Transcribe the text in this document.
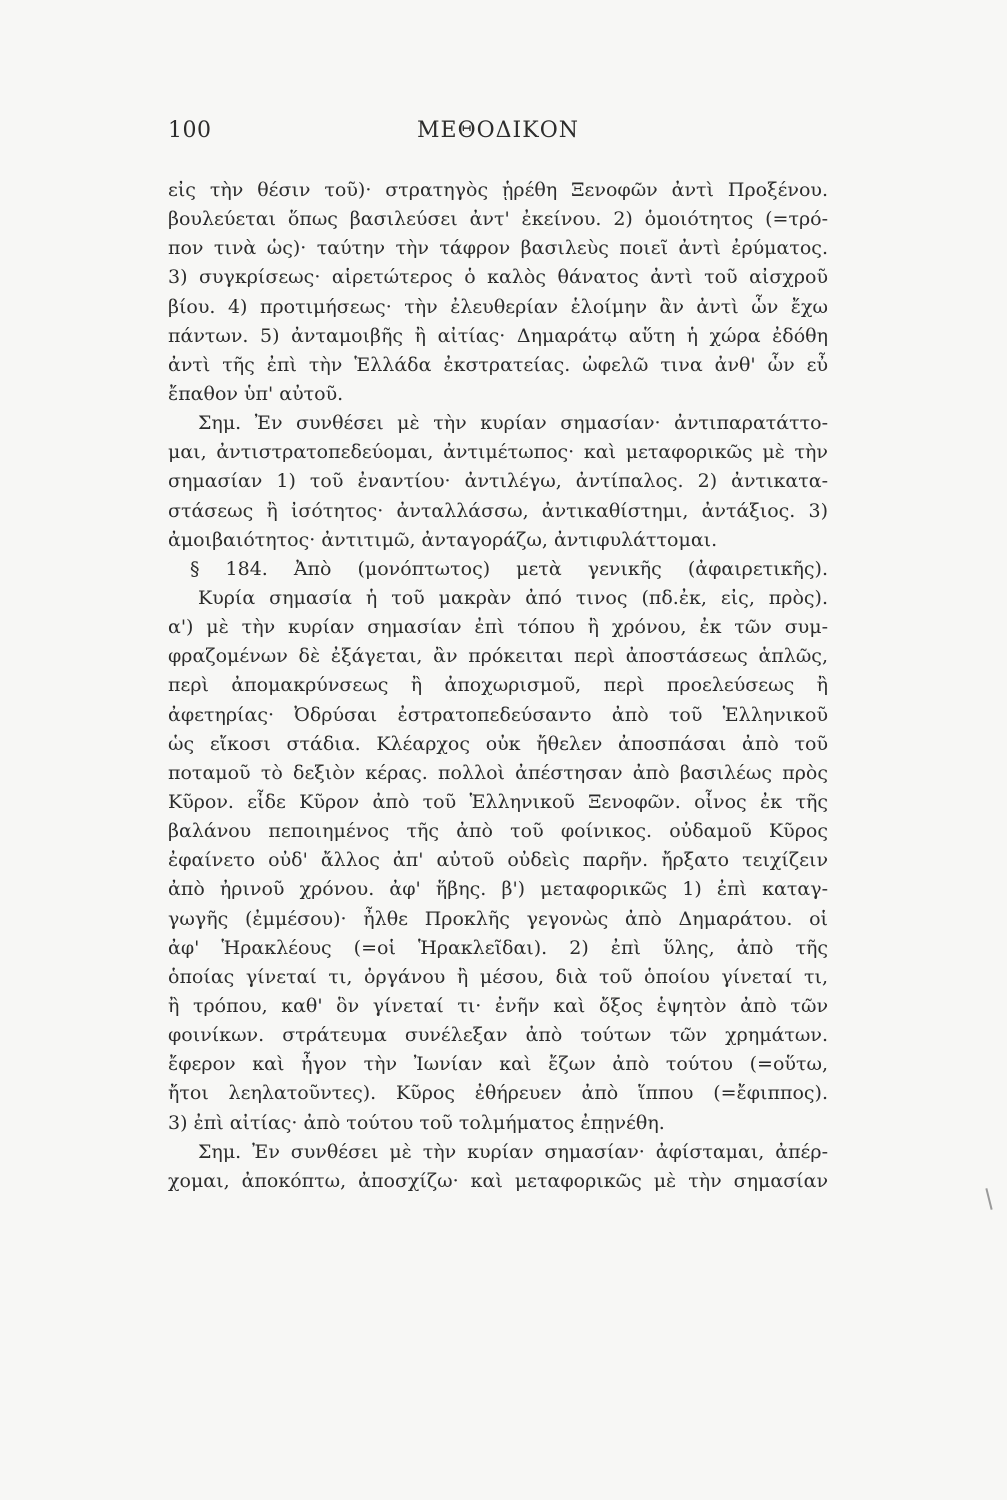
100	ΜΕΘΟΔΙΚΟΝ
εἰς τὴν θέσιν τοῦ)· στρατηγὸς ᾑρέθη Ξενοφῶν ἀντὶ Προξένου.
βουλεύεται ὅπως βασιλεύσει ἀντ' ἐκείνου. 2) ὁμοιότητος (=τρό-
πον τινὰ ὡς)· ταύτην τὴν τάφρον βασιλεὺς ποιεῖ ἀντὶ ἐρύματος.
3) συγκρίσεως· αἱρετώτερος ὁ καλὸς θάνατος ἀντὶ τοῦ αἰσχροῦ
βίου. 4) προτιμήσεως· τὴν ἐλευθερίαν ἑλοίμην ἂν ἀντὶ ὧν ἔχω
πάντων. 5) ἀνταμοιβῆς ἢ αἰτίας· Δημαράτῳ αὕτη ἡ χώρα ἐδόθη
ἀντὶ τῆς ἐπὶ τὴν Ἑλλάδα ἐκστρατείας. ὠφελῶ τινα ἀνθ' ὧν εὖ
ἔπαθον ὑπ' αὐτοῦ.
Σημ. Ἐν συνθέσει μὲ τὴν κυρίαν σημασίαν· ἀντιπαρατάττο-
μαι, ἀντιστρατοπεδεύομαι, ἀντιμέτωπος· καὶ μεταφορικῶς μὲ τὴν
σημασίαν 1) τοῦ ἐναντίου· ἀντιλέγω, ἀντίπαλος. 2) ἀντικατα-
στάσεως ἢ ἰσότητος· ἀνταλλάσσω, ἀντικαθίστημι, ἀντάξιος. 3)
ἀμοιβαιότητος· ἀντιτιμῶ, ἀνταγοράζω, ἀντιφυλάττομαι.
§ 184. Ἀπὸ (μονόπτωτος) μετὰ γενικῆς (ἀφαιρετικῆς).
Κυρία σημασία ἡ τοῦ μακρὰν ἀπό τινος (πδ.ἐκ, εἰς, πρὸς).
α') μὲ τὴν κυρίαν σημασίαν ἐπὶ τόπου ἢ χρόνου, ἐκ τῶν συμ-
φραζομένων δὲ ἐξάγεται, ἂν πρόκειται περὶ ἀποστάσεως ἁπλῶς,
περὶ ἀπομακρύνσεως ἢ ἀποχωρισμοῦ, περὶ προελεύσεως ἢ
ἀφετηρίας· Ὀδρύσαι ἐστρατοπεδεύσαντο ἀπὸ τοῦ Ἑλληνικοῦ
ὡς εἴκοσι στάδια. Κλέαρχος οὐκ ἤθελεν ἀποσπάσαι ἀπὸ τοῦ
ποταμοῦ τὸ δεξιὸν κέρας. πολλοὶ ἀπέστησαν ἀπὸ βασιλέως πρὸς
Κῦρον. εἶδε Κῦρον ἀπὸ τοῦ Ἑλληνικοῦ Ξενοφῶν. οἶνος ἐκ τῆς
βαλάνου πεποιημένος τῆς ἀπὸ τοῦ φοίνικος. οὐδαμοῦ Κῦρος
ἐφαίνετο οὐδ' ἄλλος ἀπ' αὐτοῦ οὐδεὶς παρῆν. ἤρξατο τειχίζειν
ἀπὸ ἠρινοῦ χρόνου. ἀφ' ἥβης. β') μεταφορικῶς 1) ἐπὶ καταγ-
γωγῆς (ἐμμέσου)· ἦλθε Προκλῆς γεγονὼς ἀπὸ Δημαράτου. οἱ
ἀφ' Ἡρακλέους (=οἱ Ἡρακλεῖδαι). 2) ἐπὶ ὕλης, ἀπὸ τῆς
ὁποίας γίνεταί τι, ὀργάνου ἢ μέσου, διὰ τοῦ ὁποίου γίνεταί τι,
ἢ τρόπου, καθ' ὃν γίνεταί τι· ἐνῆν καὶ ὄξος ἑψητὸν ἀπὸ τῶν
φοινίκων. στράτευμα συνέλεξαν ἀπὸ τούτων τῶν χρημάτων.
ἔφερον καὶ ἦγον τὴν Ἰωνίαν καὶ ἔζων ἀπὸ τούτου (=οὕτω,
ἤτοι λεηλατοῦντες). Κῦρος ἐθήρευεν ἀπὸ ἵππου (=ἔφιππος).
3) ἐπὶ αἰτίας· ἀπὸ τούτου τοῦ τολμήματος ἐπῃνέθη.
Σημ. Ἐν συνθέσει μὲ τὴν κυρίαν σημασίαν· ἀφίσταμαι, ἀπέρ-
χομαι, ἀποκόπτω, ἀποσχίζω· καὶ μεταφορικῶς μὲ τὴν σημασίαν
